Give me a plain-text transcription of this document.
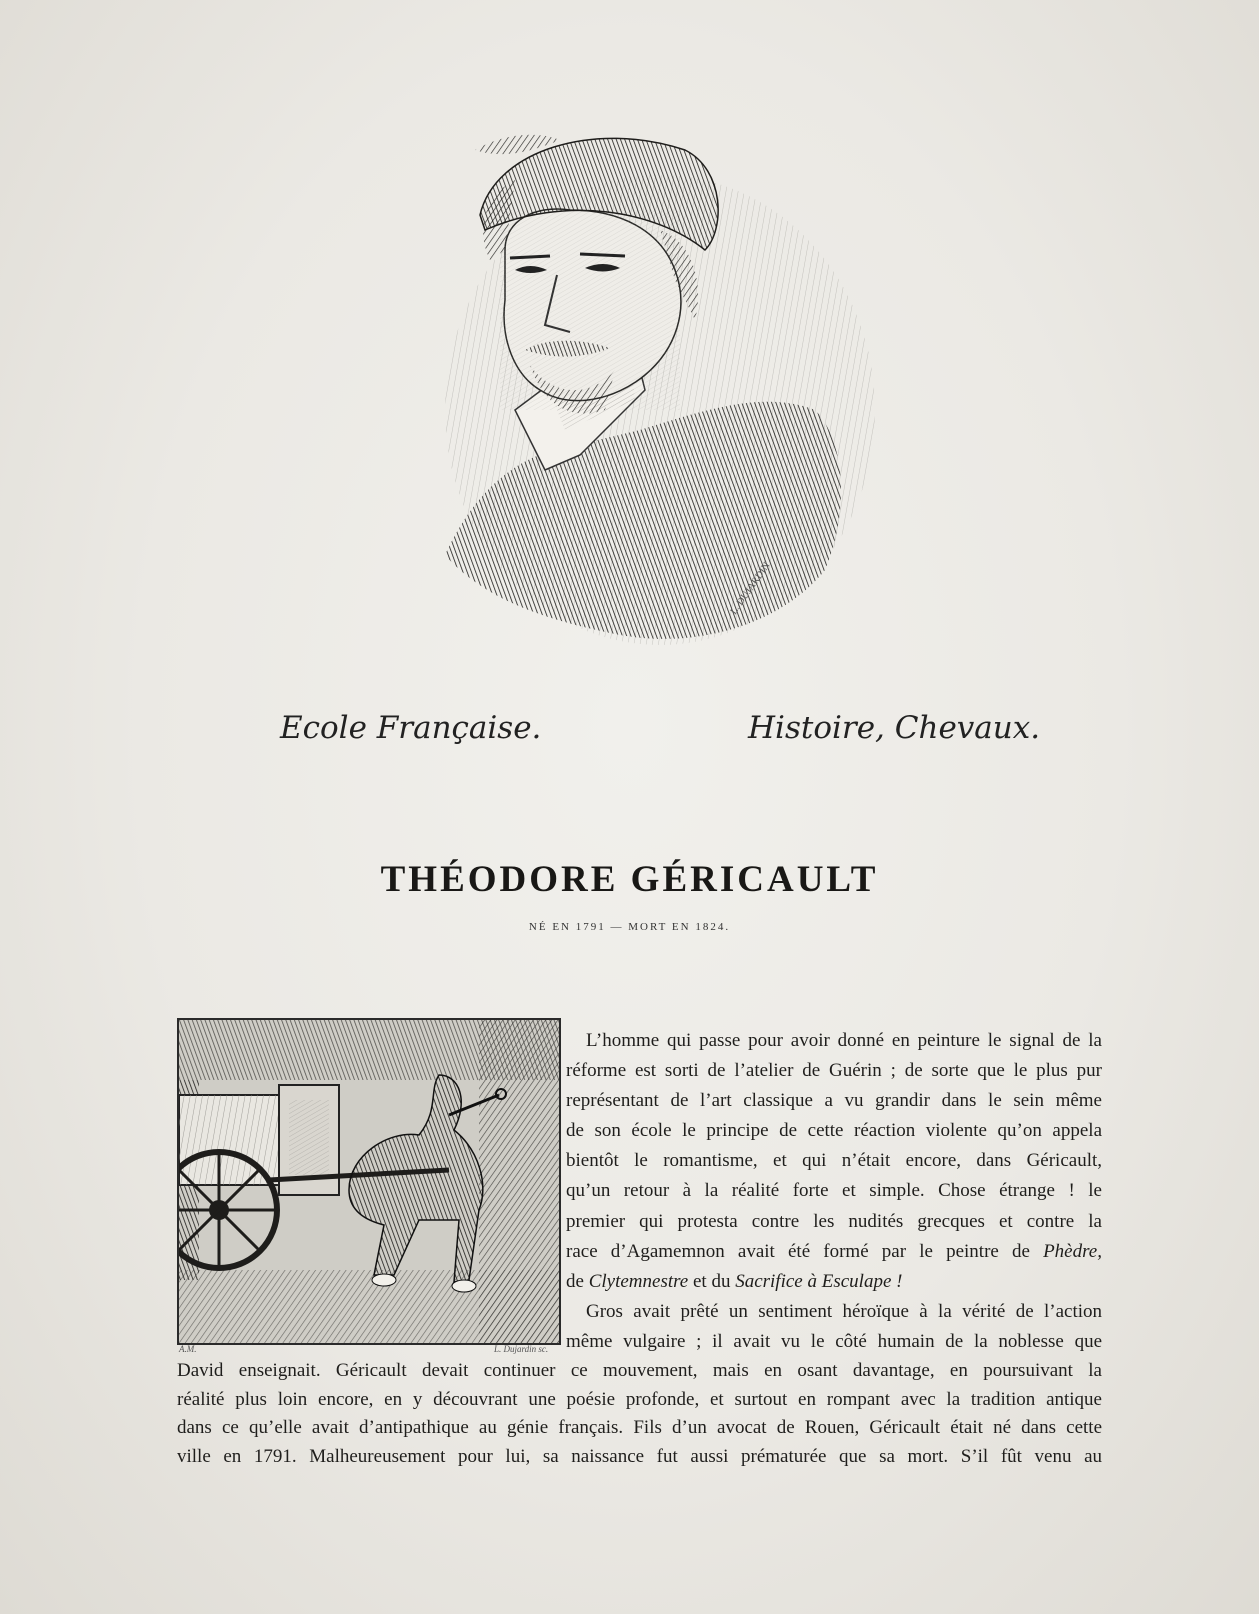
L. DUJARDIN
Ecole Française.	Histoire, Chevaux.
THÉODORE GÉRICAULT
NÉ EN 1791 — MORT EN 1824.
A.M.	L. Dujardin sc.

L’homme qui passe pour avoir donné en peinture le signal de la

réforme est sorti de l’atelier de Guérin ; de sorte que le plus pur

représentant de l’art classique a vu grandir dans le sein même

de son école le principe de cette réaction violente qu’on appela

bientôt le romantisme, et qui n’était encore, dans Géricault,

qu’un retour à la réalité forte et simple. Chose étrange ! le

premier qui protesta contre les nudités grecques et contre la

race d’Agamemnon avait été formé par le peintre de Phèdre,

de Clytemnestre et du Sacrifice à Esculape !

Gros avait prêté un sentiment héroïque à la vérité de l’action

même vulgaire ; il avait vu le côté humain de la noblesse que

David enseignait. Géricault devait continuer ce mouvement, mais en osant davantage, en poursuivant la

réalité plus loin encore, en y découvrant une poésie profonde, et surtout en rompant avec la tradition antique

dans ce qu’elle avait d’antipathique au génie français. Fils d’un avocat de Rouen, Géricault était né dans cette

ville en 1791. Malheureusement pour lui, sa naissance fut aussi prématurée que sa mort. S’il fût venu au
